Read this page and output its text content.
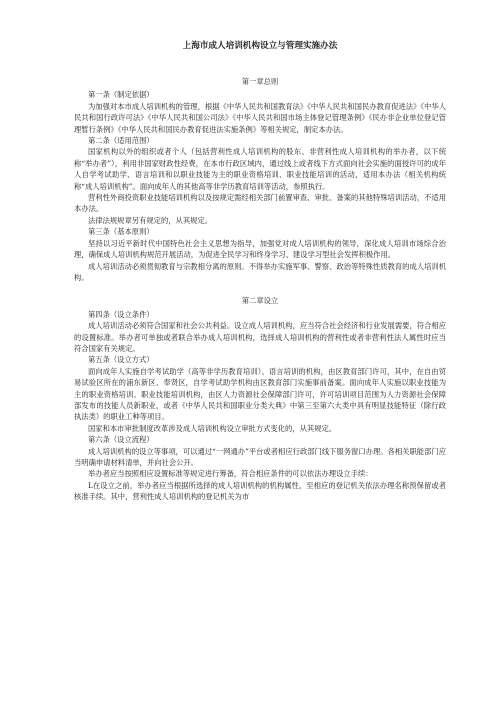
上海市成人培训机构设立与管理实施办法

第一章总则

第一条（制定依据）

为加强对本市成人培训机构的管理，根据《中华人民共和国教育法》《中华人民共和国民办教育促进法》《中华人民共和国行政许可法》《中华人民共和国公司法》《中华人民共和国市场主体登记管理条例》《民办非企业单位登记管理暂行条例》《中华人民共和国民办教育促进法实施条例》等相关规定，制定本办法。

第二条（适用范围）

国家机构以外的组织或者个人（包括营利性成人培训机构的股东、非营利性成人培训机构的举办者，以下统称“举办者”），利用非国家财政性经费，在本市行政区域内，通过线上或者线下方式面向社会实施的面授许可的成年人自学考试助学、语言培训和以职业技能为主的职业资格培训、职业技能培训的活动，适用本办法（相关机构统称“成人培训机构”。面向成年人的其他高等非学历教育培训等活动，参照执行。

营利性外商投资职业技能培训机构以及按规定需经相关部门前置审查、审批、备案的其他特殊培训活动，不适用本办法。

法律法规规章另有规定的，从其规定。

第三条（基本原则）

坚持以习近平新时代中国特色社会主义思想为指导，加强党对成人培训机构的领导，深化成人培训市场综合治理，确保成人培训机构规范开展活动，为促进全民学习和终身学习、建设学习型社会发挥积极作用。

成人培训活动必须贯彻教育与宗教相分离的原则。不得举办实施军事、警察、政治等特殊性质教育的成人培训机构。

第二章设立

第四条（设立条件）

成人培训活动必须符合国家和社会公共利益。设立成人培训机构，应当符合社会经济和行业发展需要，符合相应的设置标准。举办者可单独或者联合举办成人培训机构，选择成人培训机构的营利性或者非营利性法人属性时应当符合国家有关规定。

第五条（设立方式）

面向成年人实施自学考试助学（高等非学历教育培训）、语言培训的机构，由区教育部门许可，其中，在自由贸易试验区所在的浦东新区、奉贤区，自学考试助学机构由区教育部门实施事前备案。面向成年人实施以职业技能为主的职业资格培训、职业技能培训机构，由区人力资源社会保障部门许可，许可培训项目范围为人力资源社会保障部发布的技能人员新职业，或者《中华人民共和国职业分类大典》中第三至第六大类中具有明显技能特征（除行政执法类）的职业工种等项目。

国家和本市审批制度改革涉及成人培训机构设立审批方式变化的，从其规定。

第六条（设立流程）

成人培训机构的设立等事项，可以通过“一网通办”平台或者相应行政部门线下服务窗口办理。各相关职能部门应当明确申请材料清单，并向社会公开。

举办者应当按照相应设置标准等规定进行筹备，符合相应条件的可以依法办理设立手续：

L在设立之前，举办者应当根据所选择的成人培训机构的机构属性，至相应的登记机关依法办理名称预保留或者核准手续。其中，营利性成人培训机构的登记机关为市
